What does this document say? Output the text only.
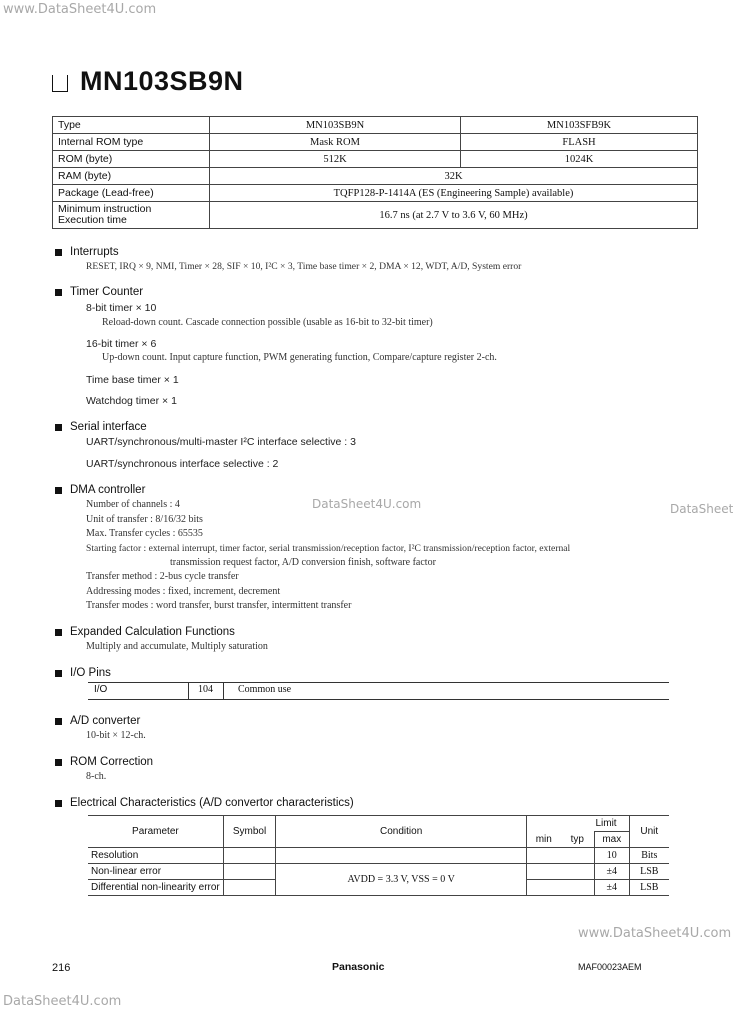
www.DataSheet4U.com
DataSheet4U.com	DataSheet
www.DataSheet4U.com
DataSheet4U.com
MN103SB9N
Type	MN103SB9N	MN103SFB9K
Internal ROM type	Mask ROM	FLASH
ROM (byte)	512K	1024K
RAM (byte)	32K	
Package (Lead-free)	TQFP128-P-1414A (ES (Engineering Sample) available)	

Minimum instruction
Execution time	16.7 ns (at 2.7 V to 3.6 V, 60 MHz)	
Interrupts
RESET, IRQ × 9, NMI, Timer × 28, SIF × 10, I²C × 3, Time base timer × 2, DMA × 12, WDT, A/D, System error
Timer Counter
8-bit timer × 10
Reload-down count. Cascade connection possible (usable as 16-bit to 32-bit timer)
16-bit timer × 6
Up-down count. Input capture function, PWM generating function, Compare/capture register 2-ch.
Time base timer × 1
Watchdog timer × 1
Serial interface
UART/synchronous/multi-master I²C interface selective : 3
UART/synchronous interface selective : 2
DMA controller
Number of channels : 4
Unit of transfer : 8/16/32 bits
Max. Transfer cycles : 65535
Starting factor : external interrupt, timer factor, serial transmission/reception factor, I²C transmission/reception factor, external
transmission request factor, A/D conversion finish, software factor
Transfer method : 2-bus cycle transfer
Addressing modes : fixed, increment, decrement
Transfer modes : word transfer, burst transfer, intermittent transfer
Expanded Calculation Functions
Multiply and accumulate, Multiply saturation
I/O Pins
I/O	104	Common use
A/D converter
10-bit × 12-ch.
ROM Correction
8-ch.
Electrical Characteristics (A/D convertor characteristics)
Parameter	Symbol	Condition	Limit			Unit
			min	typ	max	
Resolution					10	Bits
Non-linear error		AVDD = 3.3 V, VSS = 0 V			±4	LSB
Differential non-linearity error					±4	LSB
216	Panasonic	MAF00023AEM
